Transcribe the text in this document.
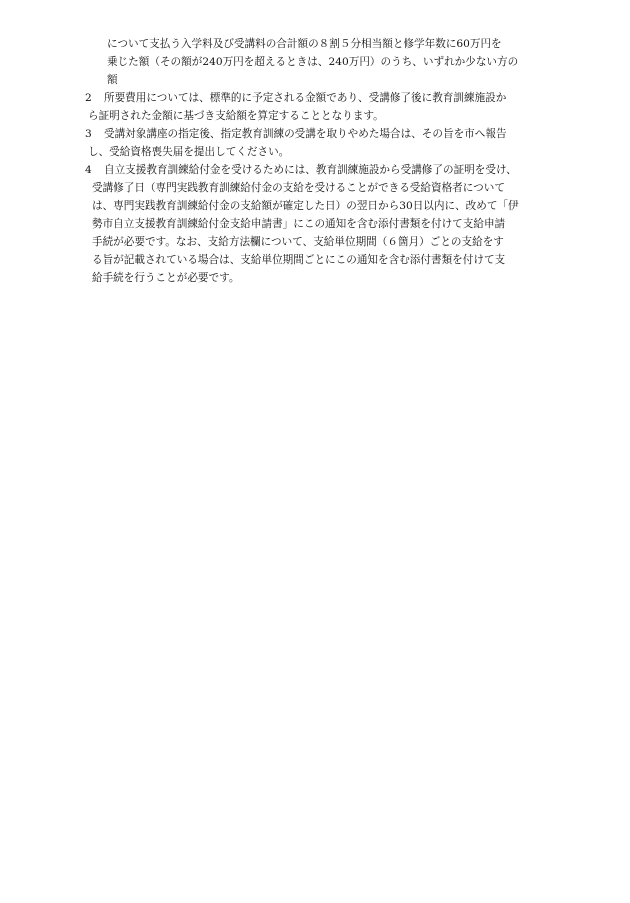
について支払う入学料及び受講料の合計額の８割５分相当額と修学年数に60万円を
乗じた額（その額が240万円を超えるときは、240万円）のうち、いずれか少ない方の
額
2 所要費用については、標準的に予定される金額であり、受講修了後に教育訓練施設か
ら証明された金額に基づき支給額を算定することとなります。
3 受講対象講座の指定後、指定教育訓練の受講を取りやめた場合は、その旨を市へ報告
し、受給資格喪失届を提出してください。
4 自立支援教育訓練給付金を受けるためには、教育訓練施設から受講修了の証明を受け、
受講修了日（専門実践教育訓練給付金の支給を受けることができる受給資格者について
は、専門実践教育訓練給付金の支給額が確定した日）の翌日から30日以内に、改めて「伊
勢市自立支援教育訓練給付金支給申請書」にこの通知を含む添付書類を付けて支給申請
手続が必要です。なお、支給方法欄について、支給単位期間（６箇月）ごとの支給をす
る旨が記載されている場合は、支給単位期間ごとにこの通知を含む添付書類を付けて支
給手続を行うことが必要です。
